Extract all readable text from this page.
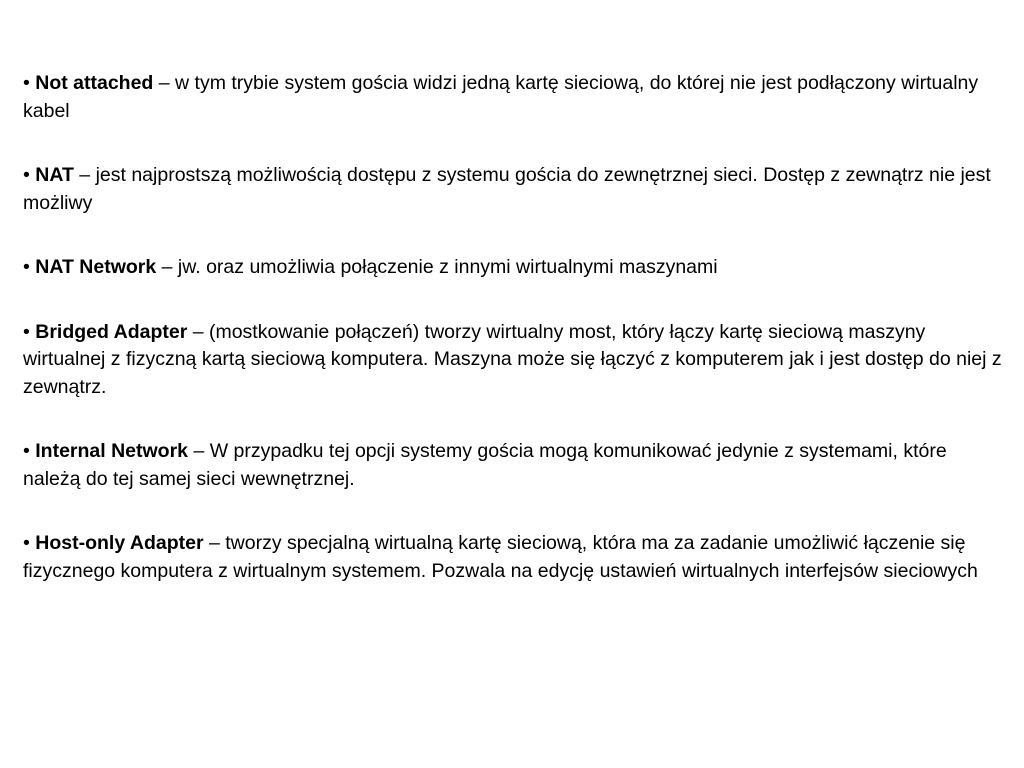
• Not attached – w tym trybie system gościa widzi jedną kartę sieciową, do której nie jest podłączony wirtualny kabel

• NAT – jest najprostszą możliwością dostępu z systemu gościa do zewnętrznej sieci. Dostęp z zewnątrz nie jest możliwy

• NAT Network – jw. oraz umożliwia połączenie z innymi wirtualnymi maszynami

• Bridged Adapter – (mostkowanie połączeń) tworzy wirtualny most, który łączy kartę sieciową maszyny wirtualnej z fizyczną kartą sieciową komputera. Maszyna może się łączyć z komputerem jak i jest dostęp do niej z zewnątrz.

• Internal Network – W przypadku tej opcji systemy gościa mogą komunikować jedynie z systemami, które należą do tej samej sieci wewnętrznej.

• Host-only Adapter – tworzy specjalną wirtualną kartę sieciową, która ma za zadanie umożliwić łączenie się fizycznego komputera z wirtualnym systemem. Pozwala na edycję ustawień wirtualnych interfejsów sieciowych
